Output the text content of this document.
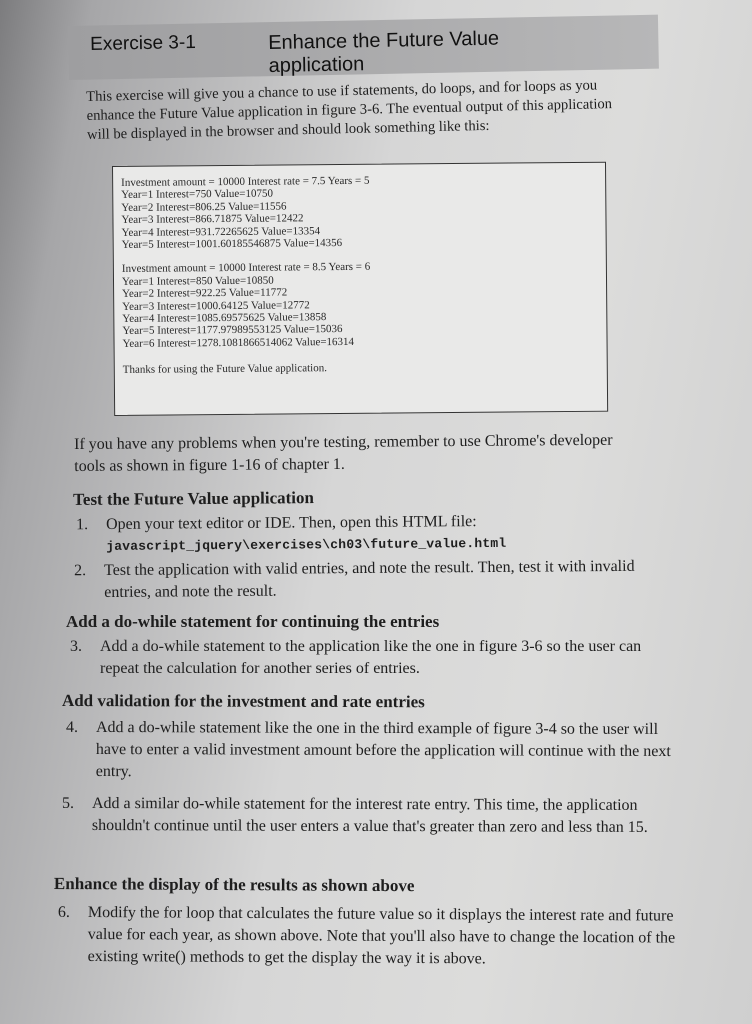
Exercise 3-1	Enhance the Future Value
application

This exercise will give you a chance to use if statements, do loops, and for loops as you enhance the Future Value application in figure 3-6. The eventual output of this application will be displayed in the browser and should look something like this:

Investment amount = 10000 Interest rate = 7.5 Years = 5
Year=1 Interest=750 Value=10750
Year=2 Interest=806.25 Value=11556
Year=3 Interest=866.71875 Value=12422
Year=4 Interest=931.72265625 Value=13354
Year=5 Interest=1001.60185546875 Value=14356
Investment amount = 10000 Interest rate = 8.5 Years = 6
Year=1 Interest=850 Value=10850
Year=2 Interest=922.25 Value=11772
Year=3 Interest=1000.64125 Value=12772
Year=4 Interest=1085.69575625 Value=13858
Year=5 Interest=1177.97989553125 Value=15036
Year=6 Interest=1278.1081866514062 Value=16314
Thanks for using the Future Value application.

If you have any problems when you're testing, remember to use Chrome's developer tools as shown in figure 1-16 of chapter 1.

Test the Future Value application
1. Open your text editor or IDE. Then, open this HTML file:
javascript_jquery\exercises\ch03\future_value.html
2. Test the application with valid entries, and note the result. Then, test it with invalid entries, and note the result.
Add a do-while statement for continuing the entries
3. Add a do-while statement to the application like the one in figure 3-6 so the user can repeat the calculation for another series of entries.
Add validation for the investment and rate entries
4. Add a do-while statement like the one in the third example of figure 3-4 so the user will have to enter a valid investment amount before the application will continue with the next entry.
5. Add a similar do-while statement for the interest rate entry. This time, the application shouldn't continue until the user enters a value that's greater than zero and less than 15.
Enhance the display of the results as shown above
6. Modify the for loop that calculates the future value so it displays the interest rate and future value for each year, as shown above. Note that you'll also have to change the location of the existing write() methods to get the display the way it is above.
